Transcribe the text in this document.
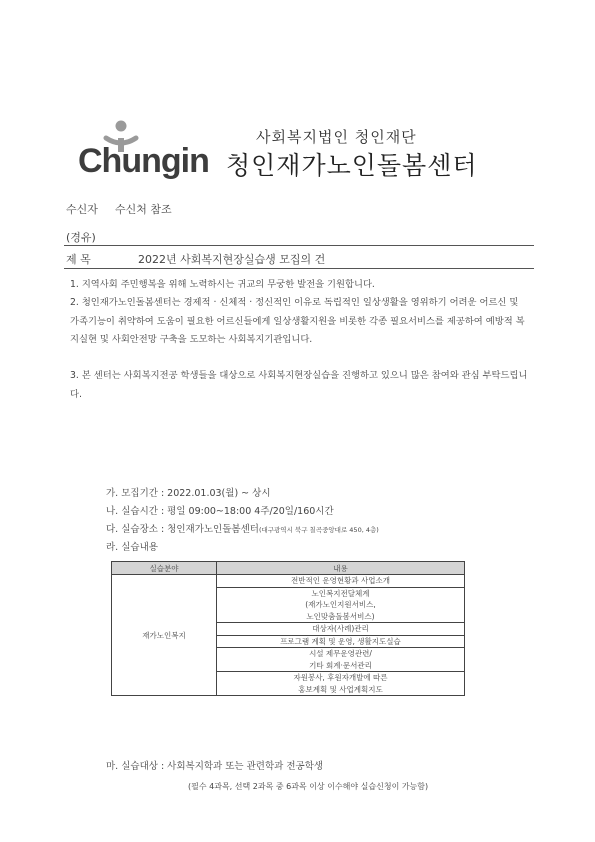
Chungin
사회복지법인 청인재단
청인재가노인돌봄센터
수신자 수신처 참조
(경유)
제 목	2022년 사회복지현장실습생 모집의 건
1. 지역사회 주민행복을 위해 노력하시는 귀교의 무궁한 발전을 기원합니다.
2. 청인재가노인돌봄센터는 경제적 · 신체적 · 정신적인 이유로 독립적인 일상생활을 영위하기 어려운 어르신 및 가족기능이 취약하여 도움이 필요한 어르신들에게 일상생활지원을 비롯한 각종 필요서비스를 제공하여 예방적 복지실현 및 사회안전망 구축을 도모하는 사회복지기관입니다.
3. 본 센터는 사회복지전공 학생들을 대상으로 사회복지현장실습을 진행하고 있으니 많은 참여와 관심 부탁드립니다.
가. 모집기간 : 2022.01.03(월) ~ 상시
나. 실습시간 : 평일 09:00~18:00 4주/20일/160시간
다. 실습장소 : 청인재가노인돌봄센터(대구광역시 북구 칠곡중앙대로 450, 4층)
라. 실습내용
실습분야	내용
재가노인복지	전반적인 운영현황과 사업소개

	노인복지전달체계
(재가노인지원서비스,
노인맞춤돌봄서비스)

	대상자(사례)관리

	프로그램 계획 및 운영, 생활지도실습

	시설 제무운영관련/
기타 회계·문서관리

	자원봉사, 후원자개발에 따른
홍보계획 및 사업계획지도
마. 실습대상 : 사회복지학과 또는 관련학과 전공학생
(필수 4과목, 선택 2과목 중 6과목 이상 이수해야 실습신청이 가능함)
